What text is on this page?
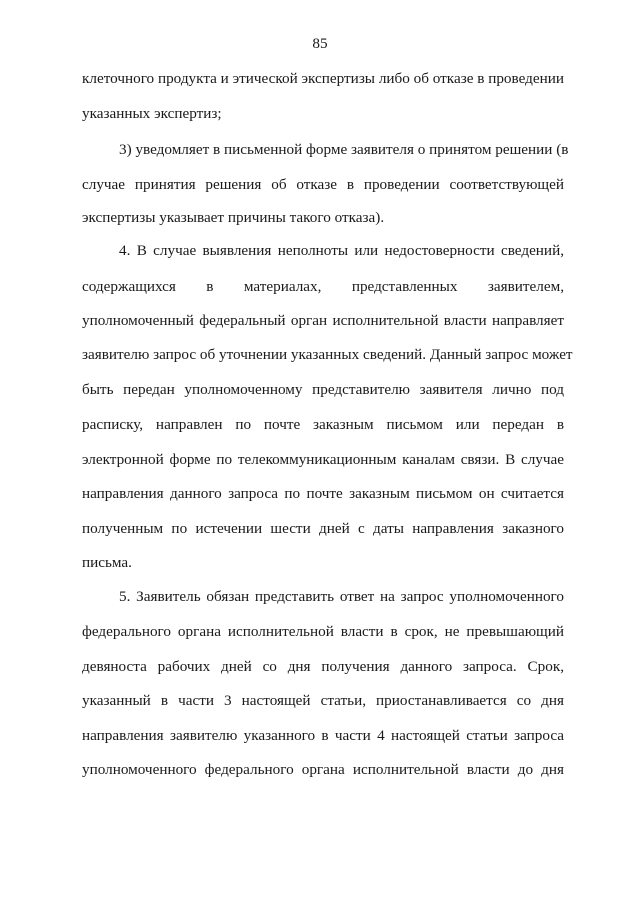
85
клеточного продукта и этической экспертизы либо об отказе в проведении
указанных экспертиз;
3) уведомляет в письменной форме заявителя о принятом решении (в
случае принятия решения об отказе в проведении соответствующей
экспертизы указывает причины такого отказа).
4. В случае выявления неполноты или недостоверности сведений,
содержащихся в материалах, представленных заявителем,
уполномоченный федеральный орган исполнительной власти направляет
заявителю запрос об уточнении указанных сведений. Данный запрос может
быть передан уполномоченному представителю заявителя лично под
расписку, направлен по почте заказным письмом или передан в
электронной форме по телекоммуникационным каналам связи. В случае
направления данного запроса по почте заказным письмом он считается
полученным по истечении шести дней с даты направления заказного
письма.
5. Заявитель обязан представить ответ на запрос уполномоченного
федерального органа исполнительной власти в срок, не превышающий
девяноста рабочих дней со дня получения данного запроса. Срок,
указанный в части 3 настоящей статьи, приостанавливается со дня
направления заявителю указанного в части 4 настоящей статьи запроса
уполномоченного федерального органа исполнительной власти до дня
